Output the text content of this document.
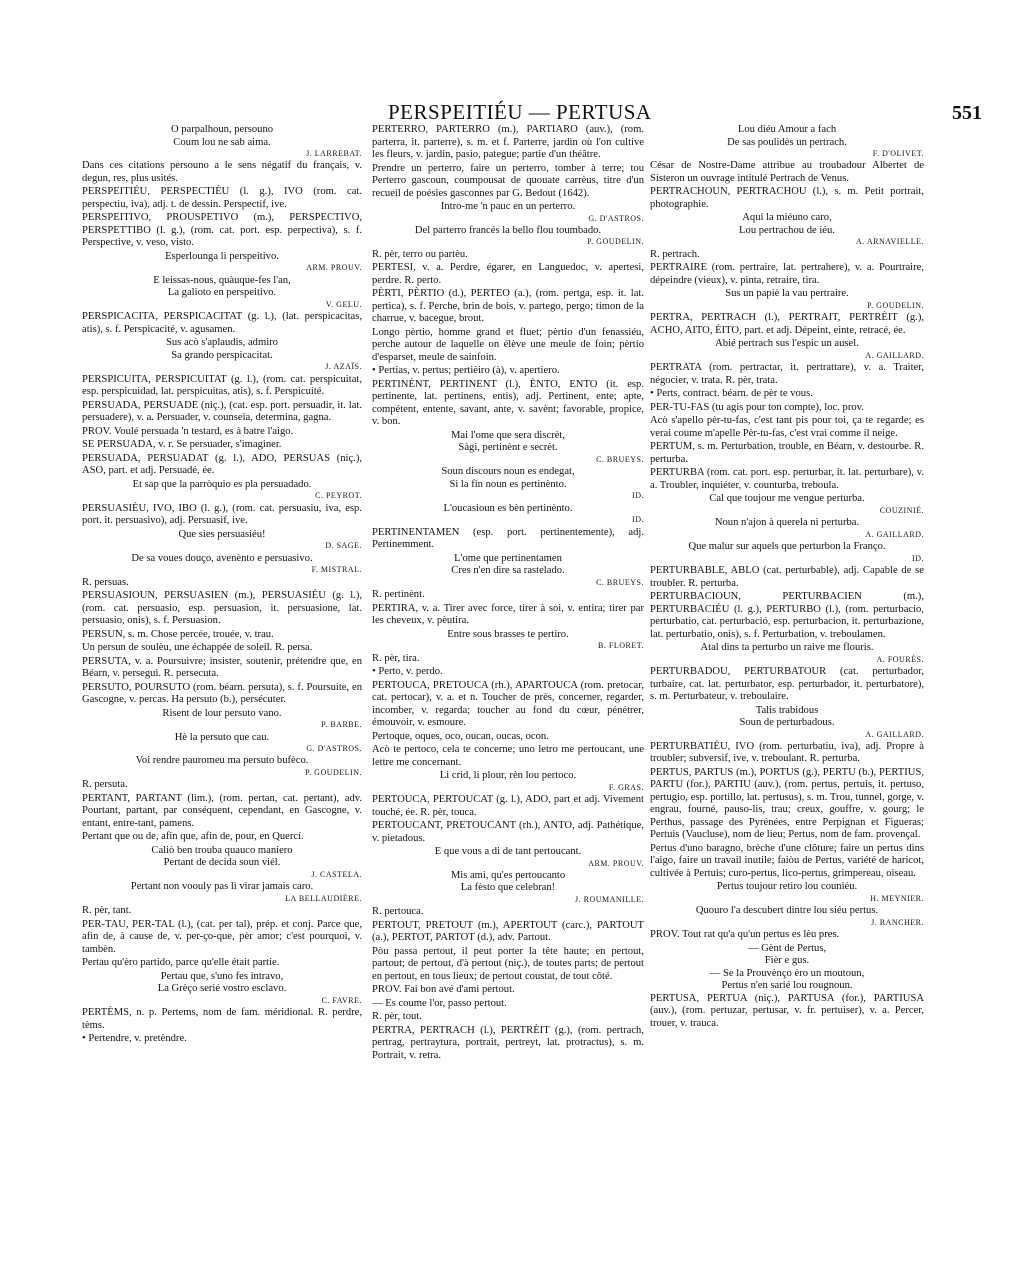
PERSPEITIÉU — PERTUSA	551

O parpalhoun, persouno

Coum lou ne sab aima.

J. LARREBAT.

Dans ces citations persouno a le sens négatif du français, v. degun, res, plus usités.

PERSPEITIÉU, PERSPECTIÉU (l. g.), IVO (rom. cat. perspectiu, iva), adj. t. de dessin. Perspectif, ive.

PERSPEITIVO, PROUSPETIVO (m.), PERSPECTIVO, PERSPETTIBO (l. g.), (rom. cat. port. esp. perpectiva), s. f. Perspective, v. veso, visto.

Esperlounga li perspeitivo.

ARM. PROUV.

E leissas-nous, quàuque-fes l'an,

La galioto en perspeitivo.

V. GELU.

PERSPICACITA, PERSPICACITAT (g. l.), (lat. perspicacitas, atis), s. f. Perspicacité, v. agusamen.

Sus acò s'aplaudis, admiro

Sa grando perspicacitat.

J. AZAÏS.

PERSPICUITA, PERSPICUITAT (g. l.), (rom. cat. perspicuitat, esp. perspicuidad, lat. perspicuitas, atis), s. f. Perspicuité.

PERSUADA, PERSUADE (niç.), (cat. esp. port. persuadir, it. lat. persuadere), v. a. Persuader, v. counseia, determina, gagna.

PROV. Voulé persuada 'n testard, es à batre l'aigo.

SE PERSUADA, v. r. Se persuader, s'imaginer.

PERSUADA, PERSUADAT (g. l.), ADO, PERSUAS (niç.), ASO, part. et adj. Persuadé, ée.

Et sap que la parròquio es pla persuadado.

C. PEYROT.

PERSUASIÉU, IVO, IBO (l. g.), (rom. cat. persuasiu, iva, esp. port. it. persuasivo), adj. Persuasif, ive.

Que sies persuasiéu!

D. SAGE.

De sa voues douço, avenènto e persuasivo.

F. MISTRAL.

R. persuas.

PERSUASIOUN, PERSUASIEN (m.), PERSUASIÉU (g. l.), (rom. cat. persuasio, esp. persuasion, it. persuasione, lat. persuasio, onis), s. f. Persuasion.

PERSUN, s. m. Chose percée, trouée, v. trau.

Un persun de soulèu, une échappée de soleil. R. persa.

PERSUTA, v. a. Poursuivre; insister, soutenir, prétendre que, en Béarn, v. persegui. R. persecuta.

PERSUTO, POURSUTO (rom. béarn. persuta), s. f. Poursuite, en Gascogne, v. percas. Ha persuto (b.), persécuter.

Risent de lour persuto vano.

P. BARBE.

Hè la persuto que cau.

G. D'ASTROS.

Voi rendre pauromeu ma persuto bufèco.

P. GOUDELIN.

R. persuta.

PERTANT, PARTANT (lim.), (rom. pertan, cat. pertant), adv. Pourtant, partant, par conséquent, cependant, en Gascogne, v. entant, entre-tant, pamens.

Pertant que ou de, afin que, afin de, pour, en Quercí.

Caliò ben trouba quauco maniero

Pertant de decida soun viél.

J. CASTELA.

Pertant non voouly pas li virar jamais caro.

LA BELLAUDIÈRE.

R. pèr, tant.

PER-TAU, PER-TAL (l.), (cat. per tal), prép. et conj. Parce que, afin de, à cause de, v. per-ço-que, pèr amor; c'est pourquoi, v. tambèn.

Pertau qu'èro partido, parce qu'elle était partie.

Pertau que, s'uno fes intravo,

La Grèço serié vostro esclavo.

C. FAVRE.

PERTÈMS, n. p. Pertems, nom de fam. méridional. R. perdre, tèms.

• Pertendre, v. pretèndre.

PERTERRO, PARTERRO (m.), PARTIARO (auv.), (rom. parterra, it. parterre), s. m. et f. Parterre, jardin où l'on cultive les fleurs, v. jardin, pasio, pategue; partie d'un théâtre.

Prendre un perterro, faire un perterro, tomber à terre; tou Perterro gascoun, coumpousat de quouate carrèus, titre d'un recueil de poésies gasconnes par G. Bedout (1642).

Intro-me 'n pauc en un perterro.

G. D'ASTROS.

Del parterro francés la bello flou toumbado.

P. GOUDELIN.

R. pèr, terro ou partèu.

PERTESI, v. a. Perdre, égarer, en Languedoc, v. apertesi, perdre. R. perto.

PÈRTI, PÈRTIO (d.), PERTEO (a.), (rom. pertga, esp. it. lat. pertica), s. f. Perche, brin de bois, v. partego, pergo; timon de la charrue, v. bacegue, brout.

Longo pèrtio, homme grand et fluet; pèrtio d'un fenassiéu, perche autour de laquelle on élève une meule de foin; pèrtio d'esparset, meule de sainfoin.

• Pertias, v. pertus; pertièiro (à), v. apertiero.

PERTINÈNT, PERTINENT (l.), ÈNTO, ENTO (it. esp. pertinente, lat. pertinens, entis), adj. Pertinent, ente; apte, compétent, entente, savant, ante, v. savènt; favorable, propice, v. bon.

Mai l'ome que sera discrèt,

Sàgi, pertinènt e secrèt.

C. BRUEYS.

Soun discours noun es endegat,

Si la fin noun es pertinènto.

ID.

L'oucasioun es bèn pertinènto.

ID.

PERTINENTAMEN (esp. port. pertinentemente), adj. Pertinemment.

L'ome que pertinentamen

Cres n'en dire sa rastelado.

C. BRUEYS.

R. pertinènt.

PERTIRA, v. a. Tirer avec force, tirer à soi, v. entira; tirer par les cheveux, v. pèutira.

Entre sous brasses te pertiro.

B. FLORET.

R. pèr, tira.

• Perto, v. perdo.

PERTOUCA, PRETOUCA (rh.), APARTOUCA (rom. pretocar, cat. pertocar), v. a. et n. Toucher de près, concerner, regarder, incomber, v. regarda; toucher au fond du cœur, pénétrer, émouvoir, v. esmoure.

Pertoque, oques, oco, oucan, oucas, ocon.

Acò te pertoco, cela te concerne; uno letro me pertoucant, une lettre me concernant.

Li crid, li plour, rèn lou pertoco.

F. GRAS.

PERTOUCA, PERTOUCAT (g. l.), ADO, part et adj. Vivement touché, ée. R. pèr, touca.

PERTOUCANT, PRETOUCANT (rh.), ANTO, adj. Pathétique, v. pietadous.

E que vous a di de tant pertoucant.

ARM. PROUV.

Mis ami, qu'es pertoucanto

La fèsto que celebran!

J. ROUMANILLE.

R. pertouca.

PERTOUT, PRETOUT (m.), APERTOUT (carc.), PARTOUT (a.), PERTOT, PARTOT (d.), adv. Partout.

Pòu passa pertout, il peut porter la tête haute; en pertout, partout; de pertout, d'à pertout (niç.), de toutes parts; de pertout en pertout, en tous lieux; de pertout coustat, de tout côté.

PROV. Fai bon avé d'ami pertout.

— Es coume l'or, passo pertout.

R. pèr, tout.

PERTRA, PERTRACH (l.), PERTRÈIT (g.), (rom. pertrach, pertrag, pertraytura, portrait, pertreyt, lat. protractus), s. m. Portrait, v. retra.

Lou diéu Amour a fach

De sas poulidès un pertrach.

F. D'OLIVET.

César de Nostre-Dame attribue au troubadour Albertet de Sisteron un ouvrage intitulé Pertrach de Venus.

PERTRACHOUN, PERTRACHOU (l.), s. m. Petit portrait, photographie.

Aqui la miéuno caro,

Lou pertrachou de iéu.

A. ARNAVIELLE.

R. pertrach.

PERTRAIRE (rom. pertraire, lat. pertrahere), v. a. Pourtraire, dépeindre (vieux), v. pinta, retraire, tira.

Sus un papiè la vau pertraire.

P. GOUDELIN.

PERTRA, PERTRACH (l.), PERTRAIT, PERTRÈIT (g.), ACHO, AITO, ÈITO, part. et adj. Dépeint, einte, retracé, ée.

Abié pertrach sus l'espic un ausel.

A. GAILLARD.

PERTRATA (rom. pertractar, it. pertrattare), v. a. Traiter, négocier, v. trata. R. pèr, trata.

• Perts, contract. béarn. de pèr te vous.

PER-TU-FAS (tu agis pour ton compte), loc. prov.

Acò s'apello pèr-tu-fas, c'est tant pis pour toi, ça te regarde; es verai coume m'apelle Pèr-tu-fas, c'est vrai comme il neige.

PERTUM, s. m. Perturbation, trouble, en Béarn, v. destourbe. R. perturba.

PERTURBA (rom. cat. port. esp. perturbar, it. lat. perturbare), v. a. Troubler, inquiéter, v. counturba, treboula.

Cal que toujour me vengue perturba.

COUZINIÉ.

Noun n'ajon à querela ni perturba.

A. GAILLARD.

Que malur sur aquels que perturbon la Franço.

ID.

PERTURBABLE, ABLO (cat. perturbable), adj. Capable de se troubler. R. perturba.

PERTURBACIOUN, PERTURBACIEN (m.), PERTURBACIÉU (l. g.), PERTURBO (l.), (rom. perturbacio, perturbatio, cat. perturbació, esp. perturbacion, it. perturbazione, lat. perturbatio, onis), s. f. Perturbation, v. treboulamen.

Atal dins ta perturbo un raive me flouris.

A. FOURÈS.

PERTURBADOU, PERTURBATOUR (cat. perturbador, turbaire, cat. lat. perturbator, esp. perturbador, it. perturbatore), s. m. Perturbateur, v. treboulaire.

Talis trabidous

Soun de perturbadous.

A. GAILLARD.

PERTURBATIÉU, IVO (rom. perturbatiu, iva), adj. Propre à troubler; subversif, ive, v. treboulant. R. perturba.

PERTUS, PARTUS (m.), PORTUS (g.), PERTU (b.), PERTIUS, PARTU (for.), PARTIU (auv.), (rom. pertus, pertuis, it. pertuso, pertugio, esp. portillo, lat. pertusus), s. m. Trou, tunnel, gorge, v. engrau, fourné, pauso-lis, trau; creux, gouffre, v. gourg; le Perthus, passage des Pyrénées, entre Perpignan et Figueras; Pertuis (Vaucluse), nom de lieu; Pertus, nom de fam. provençal.

Pertus d'uno baragno, brèche d'une clôture; faire un pertus dins l'aigo, faire un travail inutile; faiòu de Pertus, variété de haricot, cultivée à Pertuis; curo-pertus, lico-pertus, grimpereau, oiseau.

Pertus toujour retiro lou couniéu.

H. MEYNIER.

Quouro l'a descubert dintre lou siéu pertus.

J. RANCHER.

PROV. Tout rat qu'a qu'un pertus es lèu pres.

— Gènt de Pertus,

Fièr e gus.

— Se la Prouvènço èro un moutoun,

Pertus n'en sarié lou rougnoun.

PERTUSA, PERTUA (niç.), PARTUSA (for.), PARTIUSA (auv.), (rom. pertuzar, pertusar, v. fr. pertuiser), v. a. Percer, trouer, v. trauca.
